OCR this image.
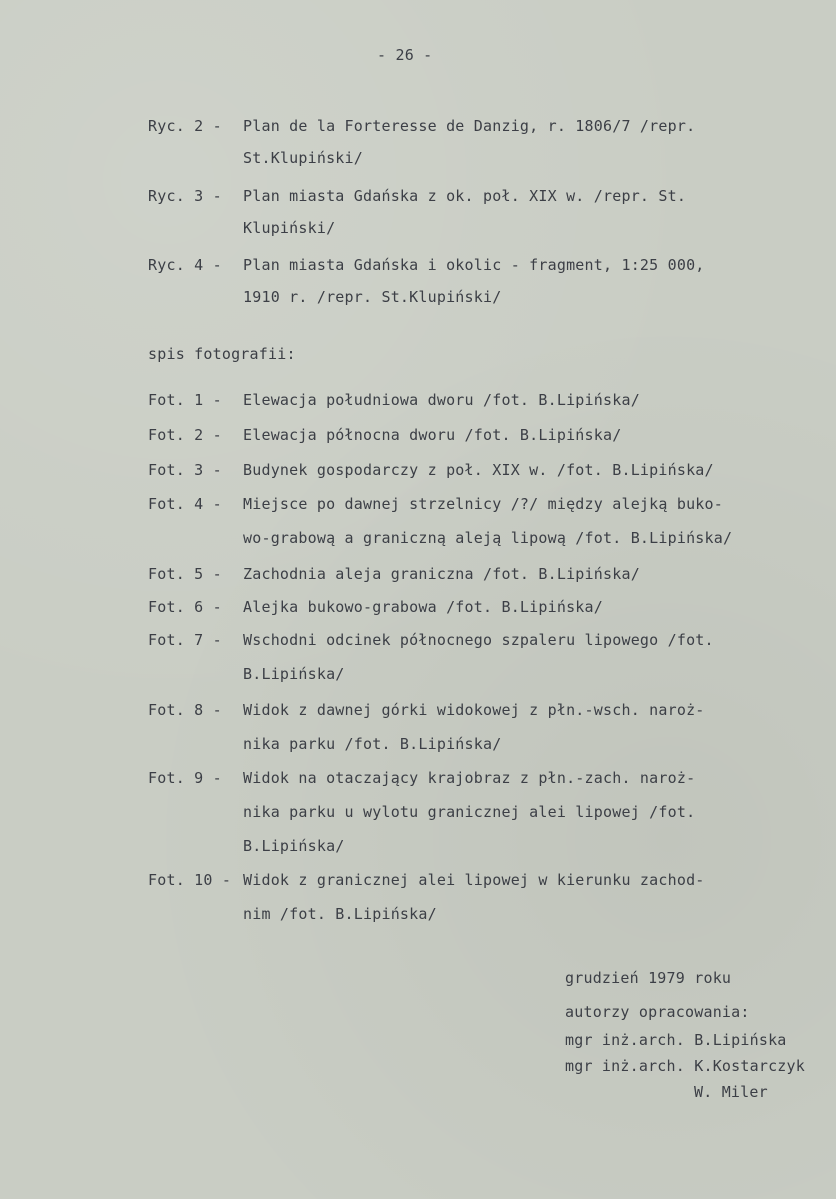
- 26 -
Ryc. 2 - Plan de la Forteresse de Danzig, r. 1806/7 /repr.
St.Klupiński/
Ryc. 3 - Plan miasta Gdańska z ok. poł. XIX w. /repr. St.
Klupiński/
Ryc. 4 - Plan miasta Gdańska i okolic - fragment, 1:25 000,
1910 r. /repr. St.Klupiński/
spis fotografii:
Fot. 1 - Elewacja południowa dworu /fot. B.Lipińska/
Fot. 2 - Elewacja północna dworu /fot. B.Lipińska/
Fot. 3 - Budynek gospodarczy z poł. XIX w. /fot. B.Lipińska/
Fot. 4 - Miejsce po dawnej strzelnicy /?/ między alejką buko-
wo-grabową a graniczną aleją lipową /fot. B.Lipińska/
Fot. 5 - Zachodnia aleja graniczna /fot. B.Lipińska/
Fot. 6 - Alejka bukowo-grabowa /fot. B.Lipińska/
Fot. 7 - Wschodni odcinek północnego szpaleru lipowego /fot.
B.Lipińska/
Fot. 8 - Widok z dawnej górki widokowej z płn.-wsch. naroż-
nika parku /fot. B.Lipińska/
Fot. 9 - Widok na otaczający krajobraz z płn.-zach. naroż-
nika parku u wylotu granicznej alei lipowej /fot.
B.Lipińska/
Fot. 10 - Widok z granicznej alei lipowej w kierunku zachod-
nim /fot. B.Lipińska/
grudzień 1979 roku
autorzy opracowania:
mgr inż.arch. B.Lipińska
mgr inż.arch. K.Kostarczyk
W. Miler
